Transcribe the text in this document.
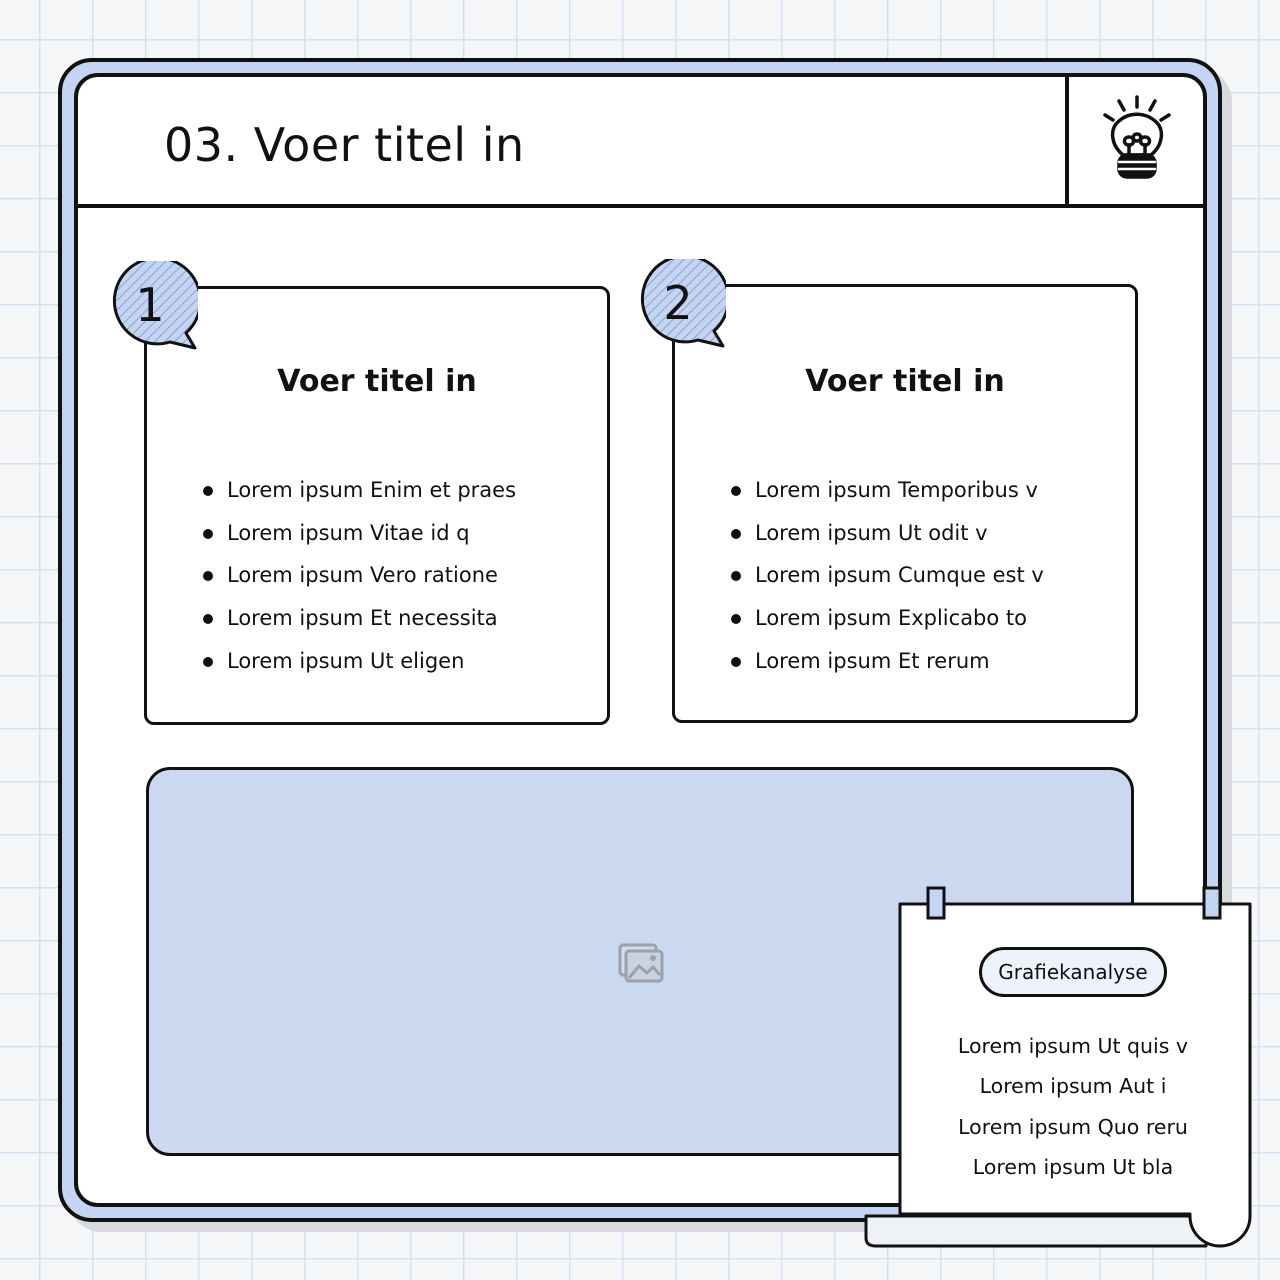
03. Voer titel in
Voer titel in
Lorem ipsum Enim et praes
Lorem ipsum Vitae id q
Lorem ipsum Vero ratione
Lorem ipsum Et necessita
Lorem ipsum Ut eligen
1
Voer titel in
Lorem ipsum Temporibus v
Lorem ipsum Ut odit v
Lorem ipsum Cumque est v
Lorem ipsum Explicabo to
Lorem ipsum Et rerum
2
Grafiekanalyse
Lorem ipsum Ut quis v
Lorem ipsum Aut i
Lorem ipsum Quo reru
Lorem ipsum Ut bla
